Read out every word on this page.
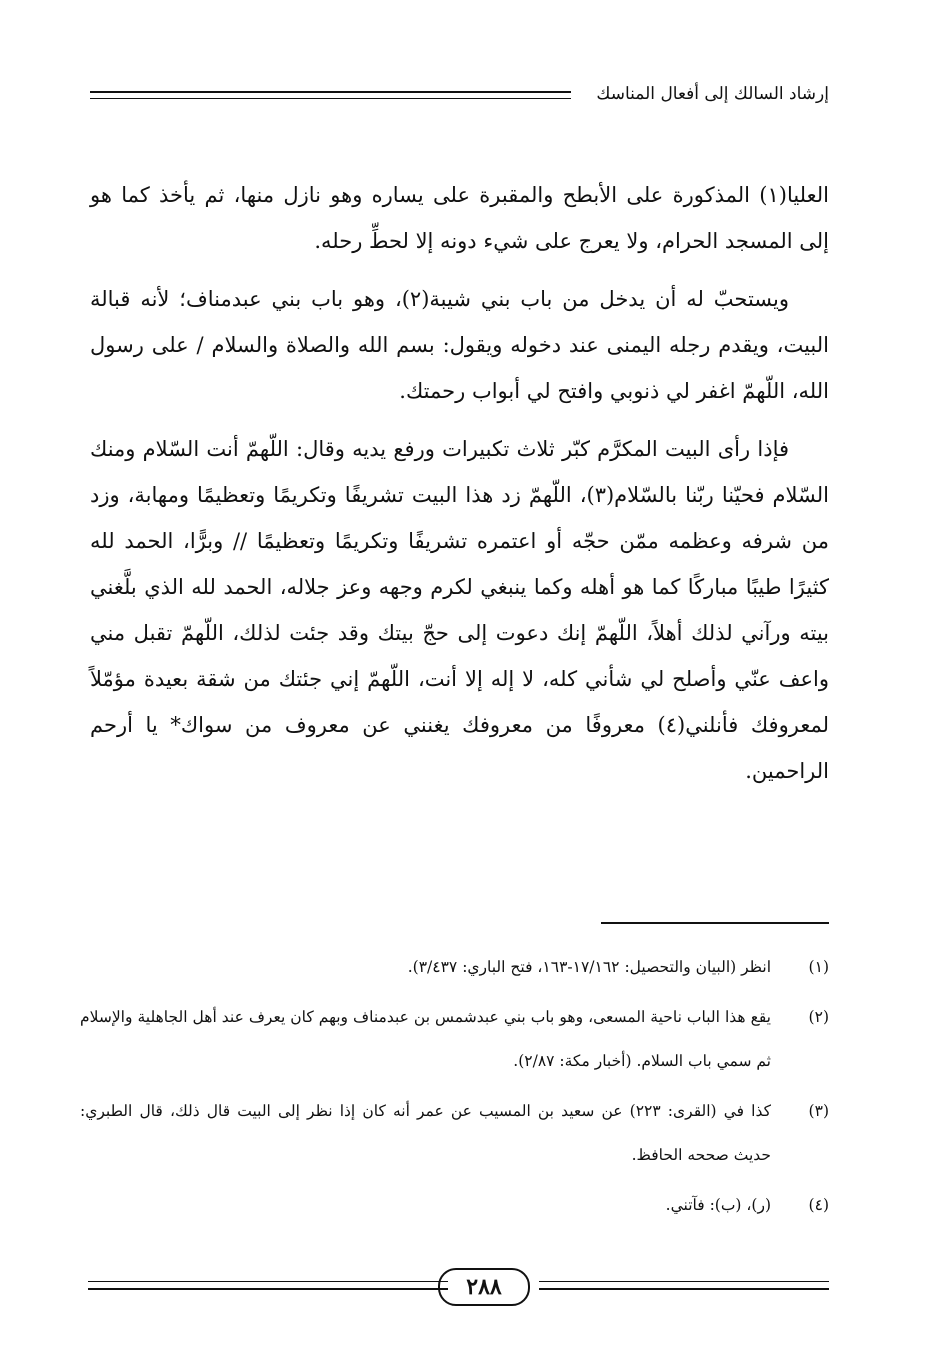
إرشاد السالك إلى أفعال المناسك

العليا(١) المذكورة على الأبطح والمقبرة على يساره وهو نازل منها، ثم يأخذ كما هو إلى المسجد الحرام، ولا يعرج على شيء دونه إلا لحطِّ رحله.

ويستحبّ له أن يدخل من باب بني شيبة(٢)، وهو باب بني عبدمناف؛ لأنه قبالة البيت، ويقدم رجله اليمنى عند دخوله ويقول: بسم الله والصلاة والسلام / على رسول الله، اللّهمّ اغفر لي ذنوبي وافتح لي أبواب رحمتك.

فإذا رأى البيت المكرَّم كبّر ثلاث تكبيرات ورفع يديه وقال: اللّهمّ أنت السّلام ومنك السّلام فحيّنا ربّنا بالسّلام(٣)، اللّهمّ زد هذا البيت تشريفًا وتكريمًا وتعظيمًا ومهابة، وزد من شرفه وعظمه ممّن حجّه أو اعتمره تشريفًا وتكريمًا وتعظيمًا // وبرًّا، الحمد لله كثيرًا طيبًا مباركًا كما هو أهله وكما ينبغي لكرم وجهه وعز جلاله، الحمد لله الذي بلَّغني بيته ورآني لذلك أهلاً، اللّهمّ إنك دعوت إلى حجّ بيتك وقد جئت لذلك، اللّهمّ تقبل مني واعف عنّي وأصلح لي شأني كله، لا إله إلا أنت، اللّهمّ إني جئتك من شقة بعيدة مؤمّلاً لمعروفك فأنلني(٤) معروفًا من معروفك يغنني عن معروف من سواك* يا أرحم الراحمين.

(١)
انظر (البيان والتحصيل: ١٧/١٦٢-١٦٣، فتح الباري: ٣/٤٣٧).
(٢)
يقع هذا الباب ناحية المسعى، وهو باب بني عبدشمس بن عبدمناف وبهم كان يعرف عند أهل الجاهلية والإسلام ثم سمي باب السلام. (أخبار مكة: ٢/٨٧).
(٣)
كذا في (القرى: ٢٢٣) عن سعيد بن المسيب عن عمر أنه كان إذا نظر إلى البيت قال ذلك، قال الطبري: حديث صححه الحافظ.
(٤)
(ر)، (ب): فآتني.
٢٨٨
